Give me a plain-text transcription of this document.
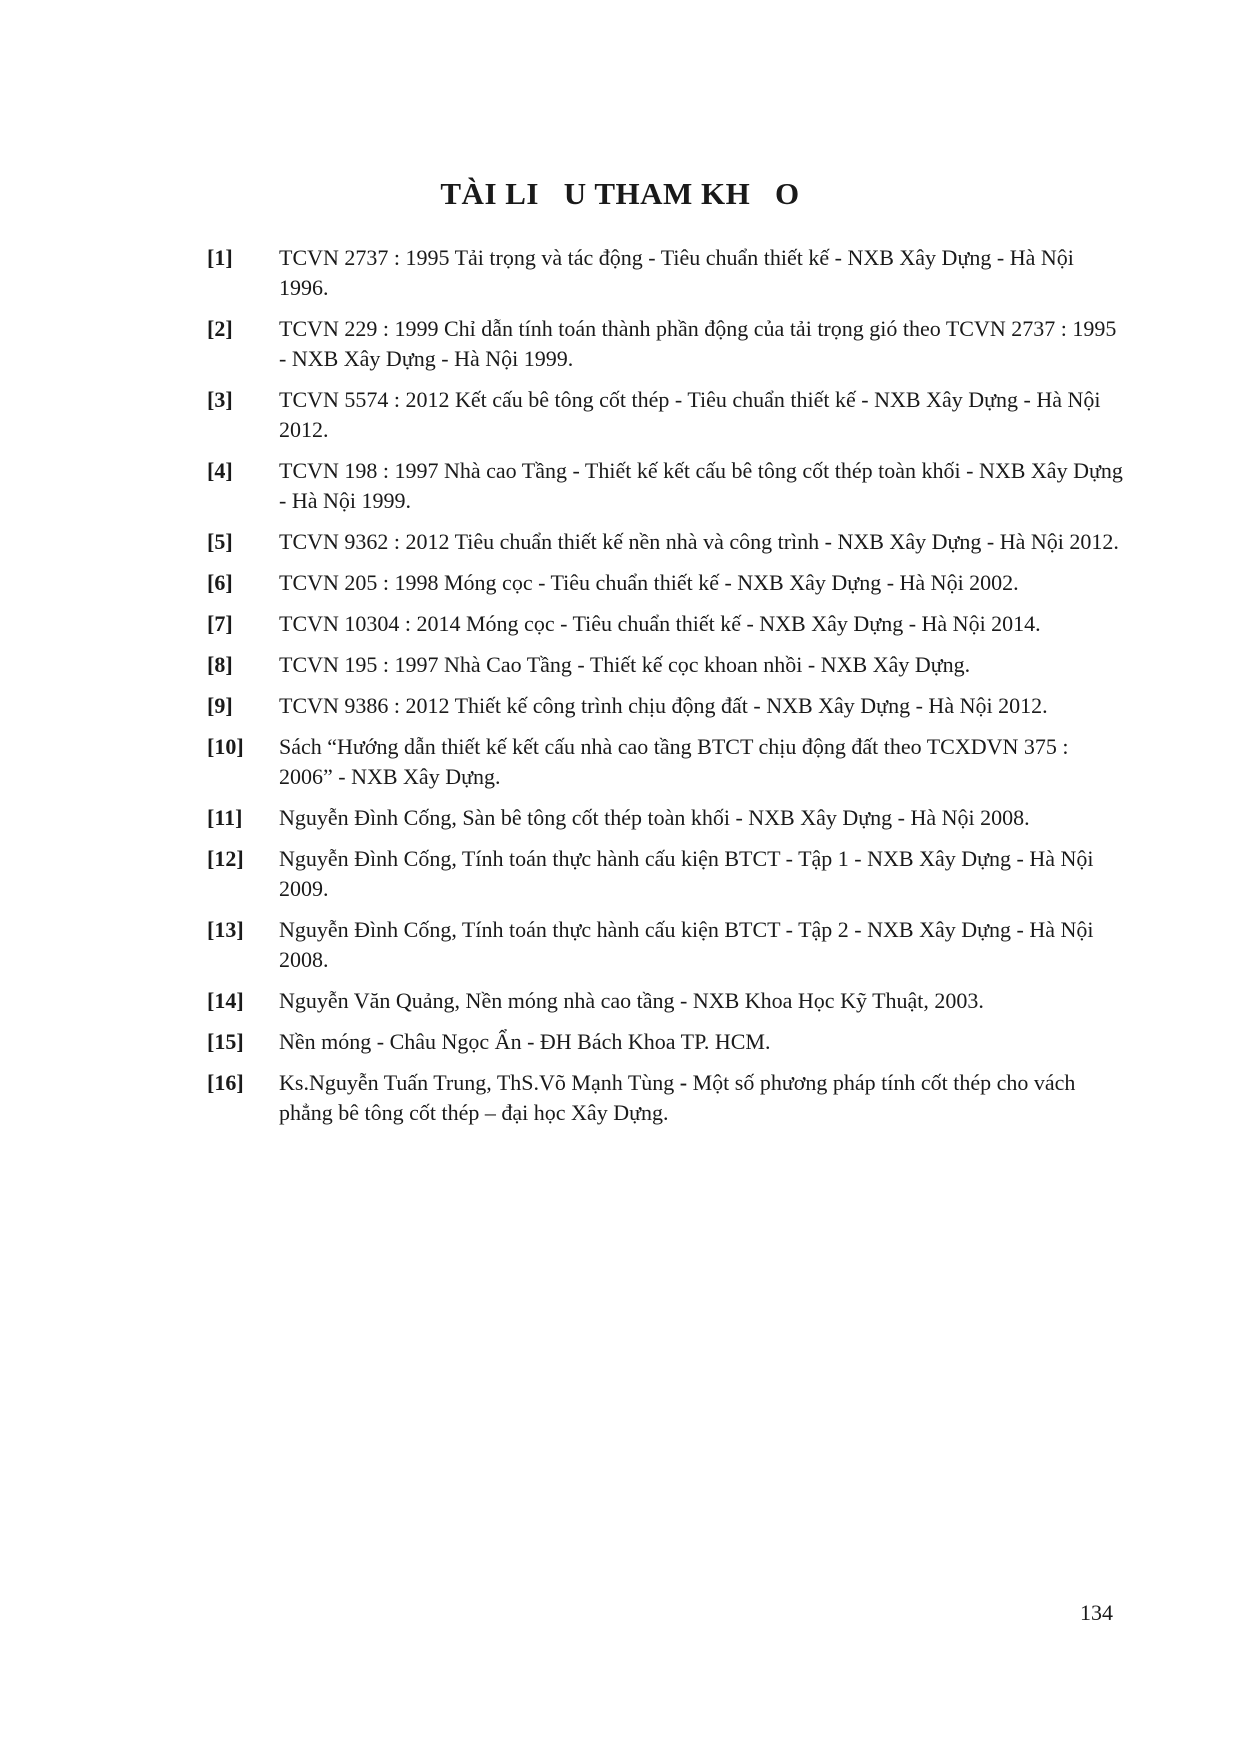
TÀI LI   U THAM KH   O
[1]	TCVN 2737 : 1995 Tải trọng và tác động - Tiêu chuẩn thiết kế - NXB Xây Dựng - Hà Nội 1996.
[2]	TCVN 229 : 1999 Chỉ dẫn tính toán thành phần động của tải trọng gió theo TCVN 2737 : 1995 - NXB Xây Dựng - Hà Nội 1999.
[3]	TCVN 5574 : 2012 Kết cấu bê tông cốt thép - Tiêu chuẩn thiết kế - NXB Xây Dựng - Hà Nội 2012.
[4]	TCVN 198 : 1997 Nhà cao Tầng - Thiết kế kết cấu bê tông cốt thép toàn khối - NXB Xây Dựng - Hà Nội 1999.
[5]	TCVN 9362 : 2012 Tiêu chuẩn thiết kế nền nhà và công trình - NXB Xây Dựng - Hà Nội 2012.
[6]	TCVN 205 : 1998 Móng cọc - Tiêu chuẩn thiết kế - NXB Xây Dựng - Hà Nội 2002.
[7]	TCVN 10304 : 2014 Móng cọc - Tiêu chuẩn thiết kế - NXB Xây Dựng - Hà Nội 2014.
[8]	TCVN 195 : 1997 Nhà Cao Tầng - Thiết kế cọc khoan nhồi - NXB Xây Dựng.
[9]	TCVN 9386 : 2012 Thiết kế công trình chịu động đất - NXB Xây Dựng - Hà Nội 2012.
[10]	Sách “Hướng dẫn thiết kế kết cấu nhà cao tầng BTCT chịu động đất theo TCXDVN 375 : 2006” - NXB Xây Dựng.
[11]	Nguyễn Đình Cống, Sàn bê tông cốt thép toàn khối - NXB Xây Dựng - Hà Nội 2008.
[12]	Nguyễn Đình Cống, Tính toán thực hành cấu kiện BTCT - Tập 1 - NXB Xây Dựng - Hà Nội 2009.
[13]	Nguyễn Đình Cống, Tính toán thực hành cấu kiện BTCT - Tập 2 - NXB Xây Dựng - Hà Nội 2008.
[14]	Nguyễn Văn Quảng, Nền móng nhà cao tầng - NXB Khoa Học Kỹ Thuật, 2003.
[15]	Nền móng - Châu Ngọc Ẩn - ĐH Bách Khoa TP. HCM.
[16]	Ks.Nguyễn Tuấn Trung, ThS.Võ Mạnh Tùng - Một số phương pháp tính cốt thép cho vách phẳng bê tông cốt thép – đại học Xây Dựng.
134
